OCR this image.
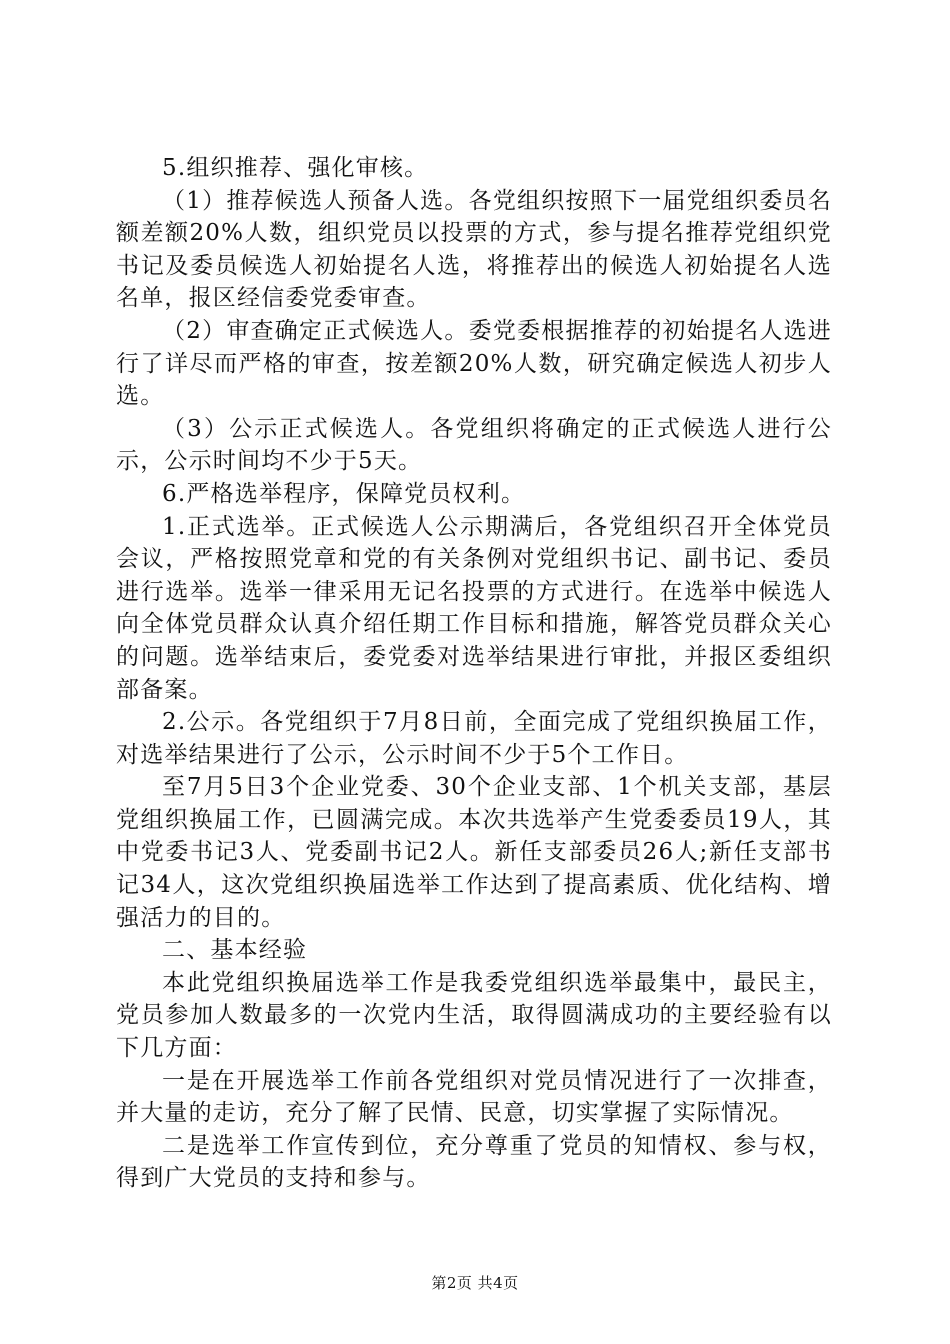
5.组织推荐、强化审核。

（1）推荐候选人预备人选。各党组织按照下一届党组织委员名额差额20%人数，组织党员以投票的方式，参与提名推荐党组织党书记及委员候选人初始提名人选，将推荐出的候选人初始提名人选名单，报区经信委党委审查。

（2）审查确定正式候选人。委党委根据推荐的初始提名人选进行了详尽而严格的审查，按差额20%人数，研究确定候选人初步人选。

（3）公示正式候选人。各党组织将确定的正式候选人进行公示，公示时间均不少于5天。

6.严格选举程序，保障党员权利。

1.正式选举。正式候选人公示期满后，各党组织召开全体党员会议，严格按照党章和党的有关条例对党组织书记、副书记、委员进行选举。选举一律采用无记名投票的方式进行。在选举中候选人向全体党员群众认真介绍任期工作目标和措施，解答党员群众关心的问题。选举结束后，委党委对选举结果进行审批，并报区委组织部备案。

2.公示。各党组织于7月8日前，全面完成了党组织换届工作，对选举结果进行了公示，公示时间不少于5个工作日。

至7月5日3个企业党委、30个企业支部、1个机关支部，基层党组织换届工作，已圆满完成。本次共选举产生党委委员19人，其中党委书记3人、党委副书记2人。新任支部委员26人;新任支部书记34人，这次党组织换届选举工作达到了提高素质、优化结构、增强活力的目的。

二、基本经验

本此党组织换届选举工作是我委党组织选举最集中，最民主，党员参加人数最多的一次党内生活，取得圆满成功的主要经验有以下几方面：

一是在开展选举工作前各党组织对党员情况进行了一次排查，并大量的走访，充分了解了民情、民意，切实掌握了实际情况。

二是选举工作宣传到位，充分尊重了党员的知情权、参与权，得到广大党员的支持和参与。

第2页 共4页
